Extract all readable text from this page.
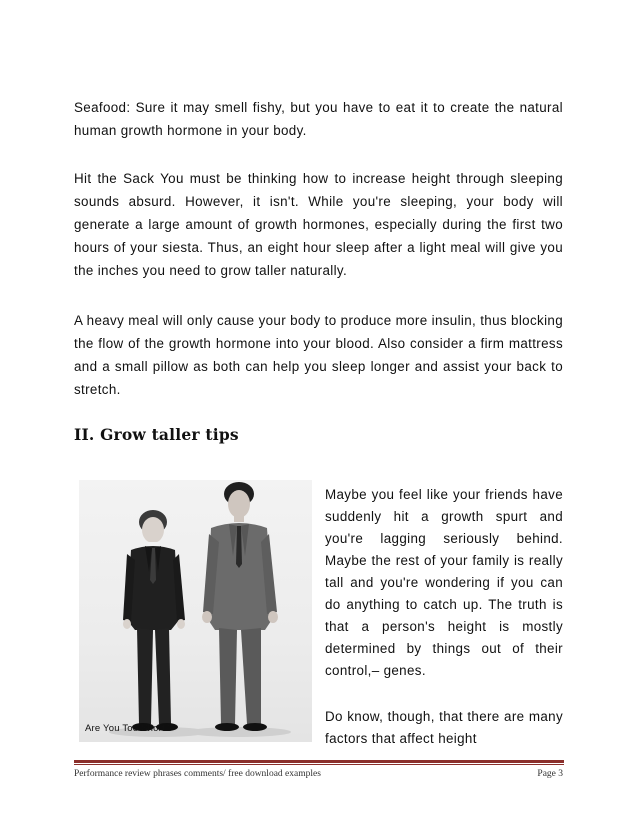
Seafood: Sure it may smell fishy, but you have to eat it to create the natural human growth hormone in your body.

Hit the Sack You must be thinking how to increase height through sleeping sounds absurd. However, it isn't. While you're sleeping, your body will generate a large amount of growth hormones, especially during the first two hours of your siesta. Thus, an eight hour sleep after a light meal will give you the inches you need to grow taller naturally.

A heavy meal will only cause your body to produce more insulin, thus blocking the flow of the growth hormone into your blood. Also consider a firm mattress and a small pillow as both can help you sleep longer and assist your back to stretch.

II. Grow taller tips
Are You Too Short ?

Maybe you feel like your friends have suddenly hit a growth spurt and you're lagging seriously behind. Maybe the rest of your family is really tall and you're wondering if you can do anything to catch up. The truth is that a person's height is mostly determined by things out of their control,– genes.

Do know, though, that there are many factors that affect height

Performance review phrases comments/ free download examples	Page 3
